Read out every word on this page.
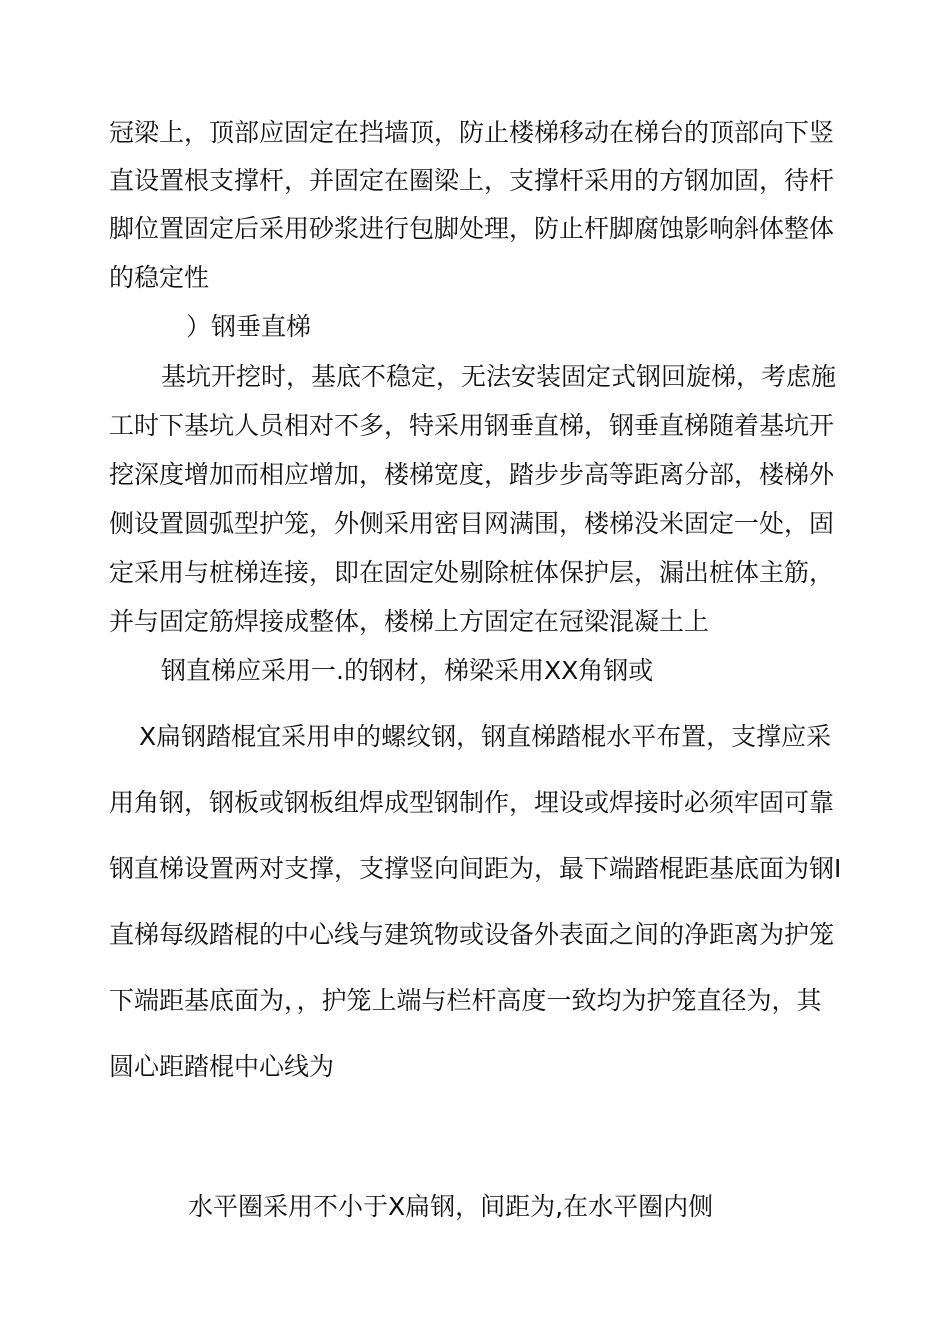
冠梁上，顶部应固定在挡墙顶，防止楼梯移动在梯台的顶部向下竖
直设置根支撑杆，并固定在圈梁上，支撑杆采用的方钢加固，待杆
脚位置固定后采用砂浆进行包脚处理，防止杆脚腐蚀影响斜体整体
的稳定性
）钢垂直梯
基坑开挖时，基底不稳定，无法安装固定式钢回旋梯，考虑施
工时下基坑人员相对不多，特采用钢垂直梯，钢垂直梯随着基坑开
挖深度增加而相应增加，楼梯宽度，踏步步高等距离分部，楼梯外
侧设置圆弧型护笼，外侧采用密目网满围，楼梯没米固定一处，固
定采用与桩梯连接，即在固定处剔除桩体保护层，漏出桩体主筋，
并与固定筋焊接成整体，楼梯上方固定在冠梁混凝土上
钢直梯应采用一.的钢材，梯梁采用XX角钢或
X扁钢踏棍宜采用申的螺纹钢，钢直梯踏棍水平布置，支撑应采
用角钢，钢板或钢板组焊成型钢制作，埋设或焊接时必须牢固可靠
钢直梯设置两对支撑，支撑竖向间距为，最下端踏棍距基底面为钢I
直梯每级踏棍的中心线与建筑物或设备外表面之间的净距离为护笼
下端距基底面为，，护笼上端与栏杆高度一致均为护笼直径为，其
圆心距踏棍中心线为
水平圈采用不小于X扁钢，间距为,在水平圈内侧
